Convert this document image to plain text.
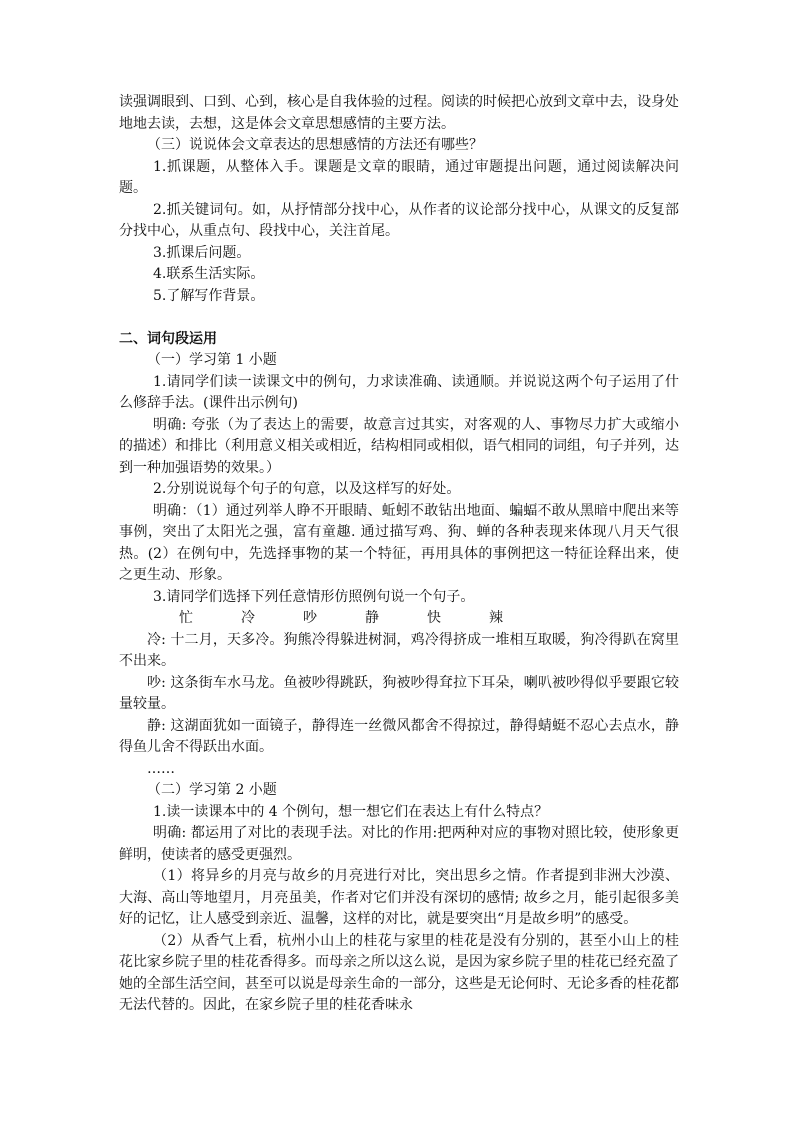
读强调眼到、口到、心到，核心是自我体验的过程。阅读的时候把心放到文章中去，设身处地地去读，去想，这是体会文章思想感情的主要方法。

（三）说说体会文章表达的思想感情的方法还有哪些？

1.抓课题，从整体入手。课题是文章的眼睛，通过审题提出问题，通过阅读解决问题。

2.抓关键词句。如，从抒情部分找中心，从作者的议论部分找中心，从课文的反复部分找中心，从重点句、段找中心，关注首尾。

3.抓课后问题。

4.联系生活实际。

5.了解写作背景。

二、词句段运用

（一）学习第 1 小题

1.请同学们读一读课文中的例句，力求读准确、读通顺。并说说这两个句子运用了什么修辞手法。(课件出示例句)

明确: 夸张（为了表达上的需要，故意言过其实，对客观的人、事物尽力扩大或缩小的描述）和排比（利用意义相关或相近，结构相同或相似，语气相同的词组，句子并列，达到一种加强语势的效果。）

2.分别说说每个句子的句意，以及这样写的好处。

明确：（1）通过列举人睁不开眼睛、蚯蚓不敢钻出地面、蝙蝠不敢从黑暗中爬出来等事例，突出了太阳光之强，富有童趣. 通过描写鸡、狗、蝉的各种表现来体现八月天气很热。(2）在例句中，先选择事物的某一个特征，再用具体的事例把这一特征诠释出来，使之更生动、形象。

3.请同学们选择下列任意情形仿照例句说一个句子。

忙	冷	吵	静	快	辣

冷: 十二月，天多冷。狗熊冷得躲进树洞，鸡冷得挤成一堆相互取暖，狗冷得趴在窝里不出来。

吵: 这条街车水马龙。鱼被吵得跳跃，狗被吵得耷拉下耳朵，喇叭被吵得似乎要跟它较量较量。

静: 这湖面犹如一面镜子，静得连一丝微风都舍不得掠过，静得蜻蜓不忍心去点水，静得鱼儿舍不得跃出水面。

……

（二）学习第 2 小题

1.读一读课本中的 4 个例句，想一想它们在表达上有什么特点？

明确: 都运用了对比的表现手法。对比的作用:把两种对应的事物对照比较，使形象更鲜明，使读者的感受更强烈。

（1）将异乡的月亮与故乡的月亮进行对比，突出思乡之情。作者提到非洲大沙漠、大海、高山等地望月，月亮虽美，作者对它们并没有深切的感情; 故乡之月，能引起很多美好的记忆，让人感受到亲近、温馨，这样的对比，就是要突出“月是故乡明”的感受。

（2）从香气上看，杭州小山上的桂花与家里的桂花是没有分别的，甚至小山上的桂花比家乡院子里的桂花香得多。而母亲之所以这么说，是因为家乡院子里的桂花已经充盈了她的全部生活空间，甚至可以说是母亲生命的一部分，这些是无论何时、无论多香的桂花都无法代替的。因此，在家乡院子里的桂花香味永
